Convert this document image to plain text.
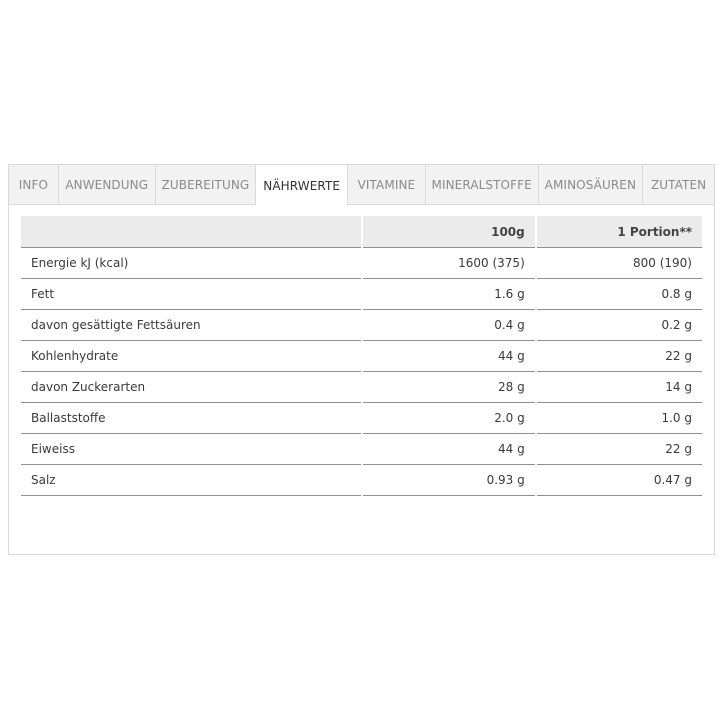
INFO	ANWENDUNG	ZUBEREITUNG	NÄHRWERTE	VITAMINE	MINERALSTOFFE	AMINOSÄUREN	ZUTATEN
	100g	1 Portion**
Energie kJ (kcal)	1600 (375)	800 (190)
Fett	1.6 g	0.8 g
davon gesättigte Fettsäuren	0.4 g	0.2 g
Kohlenhydrate	44 g	22 g
davon Zuckerarten	28 g	14 g
Ballaststoffe	2.0 g	1.0 g
Eiweiss	44 g	22 g
Salz	0.93 g	0.47 g
